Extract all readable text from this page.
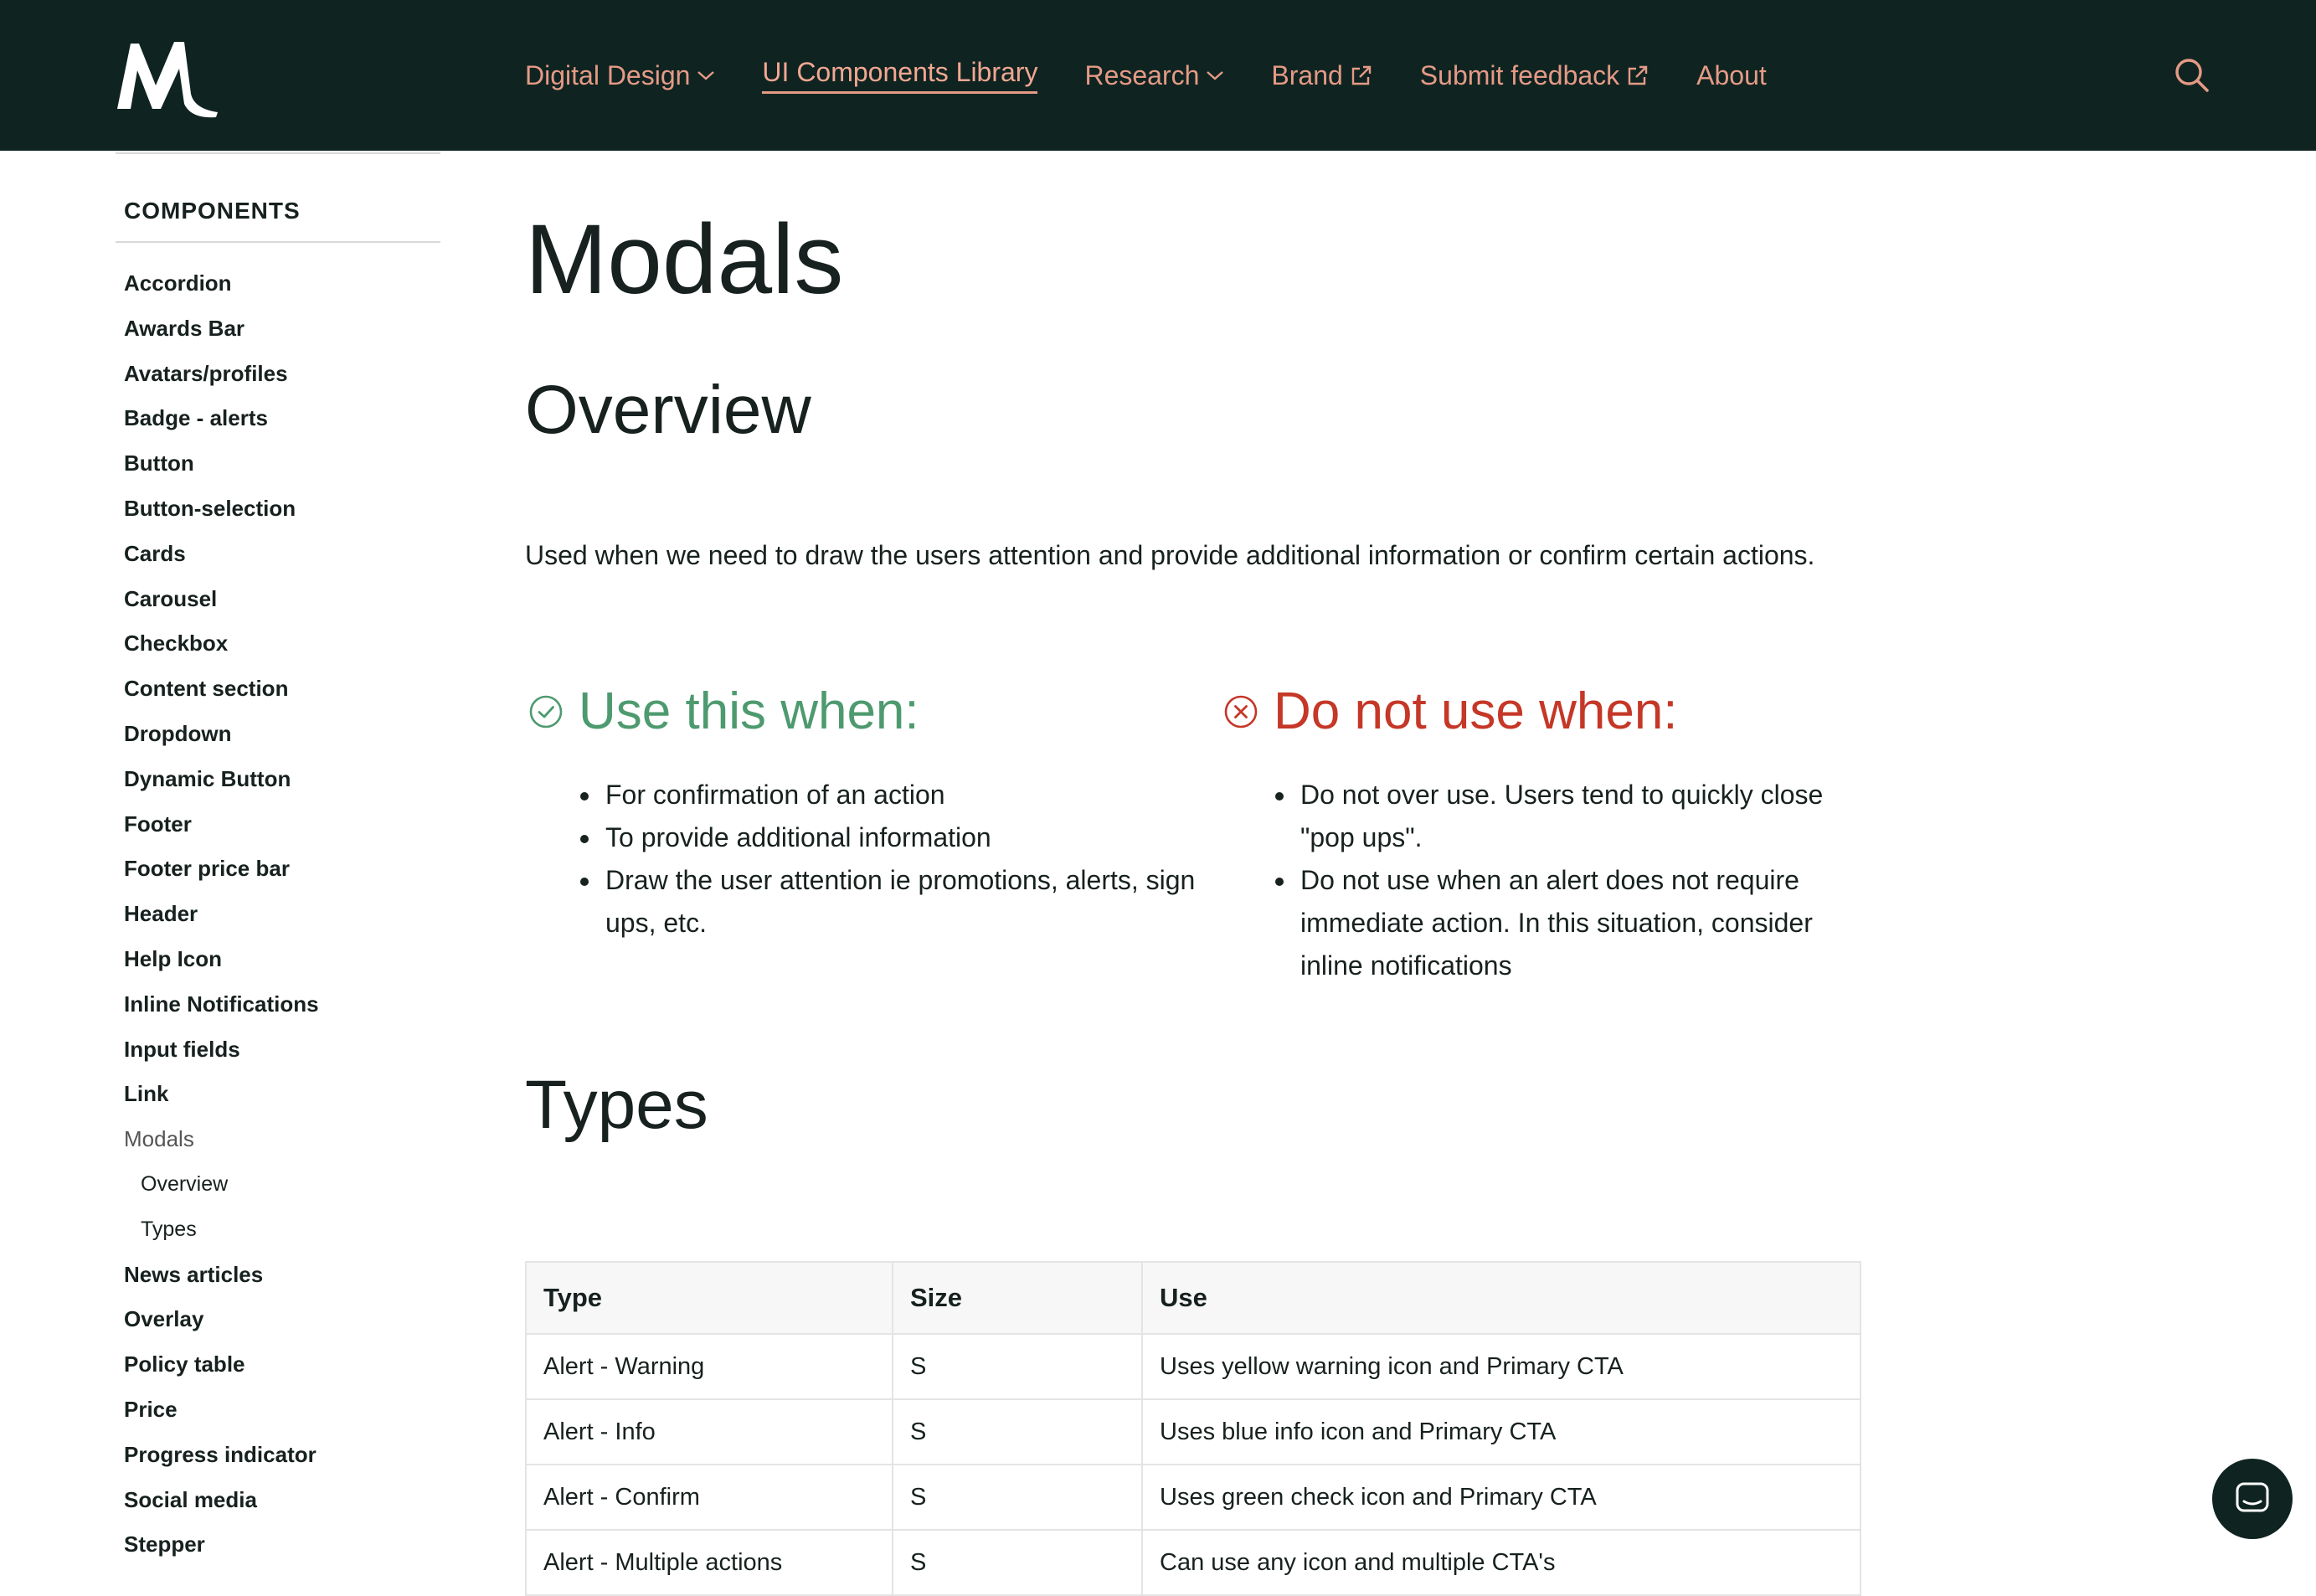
Digital Design	UI Components Library Research	Brand	Submit feedback	About
COMPONENTS
Accordion
Awards Bar
Avatars/profiles
Badge - alerts
Button
Button-selection
Cards
Carousel
Checkbox
Content section
Dropdown
Dynamic Button
Footer
Footer price bar
Header
Help Icon
Inline Notifications
Input fields
Link
Modals
Overview
Types
News articles
Overlay
Policy table
Price
Progress indicator
Social media
Stepper
Modals
Overview

Used when we need to draw the users attention and provide additional information or confirm certain actions.

Use this when:
• For confirmation of an action
• To provide additional information
• Draw the user attention ie promotions, alerts, sign ups, etc.
Do not use when:
• Do not over use. Users tend to quickly close "pop ups".
• Do not use when an alert does not require immediate action. In this situation, consider inline notifications
Types
Type	Size	Use
Alert - Warning	S	Uses yellow warning icon and Primary CTA
Alert - Info	S	Uses blue info icon and Primary CTA
Alert - Confirm	S	Uses green check icon and Primary CTA
Alert - Multiple actions	S	Can use any icon and multiple CTA's
